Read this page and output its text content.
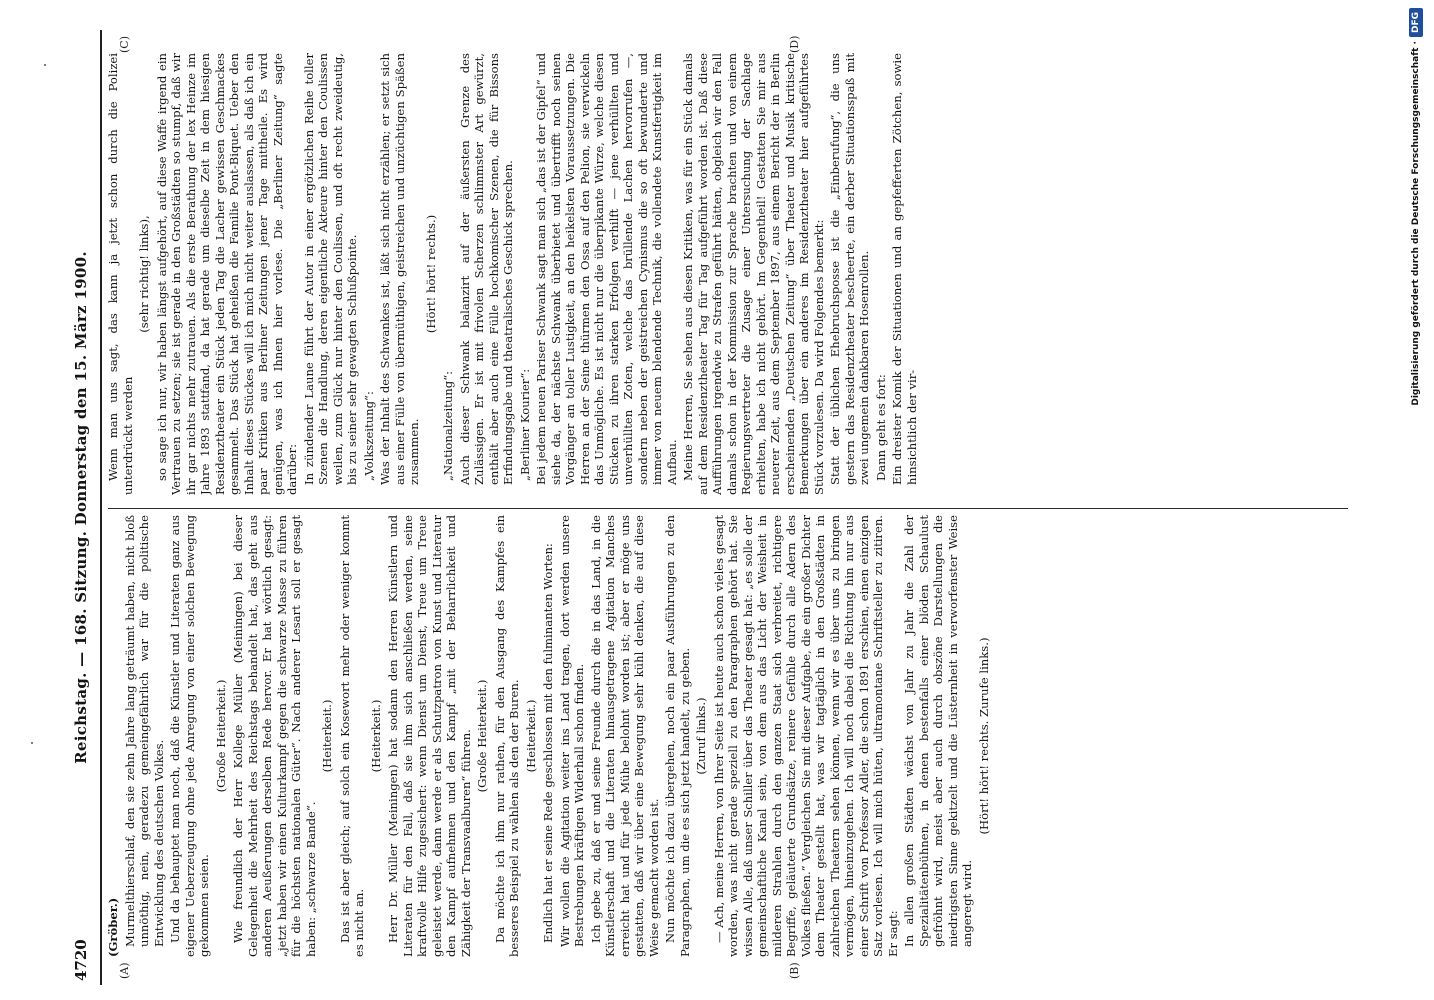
4720
Reichstag. — 168. Sitzung. Donnerstag den 15. März 1900.

(Gröber.) Murmelthierschlaf, den sie zehn Jahre lang geträumt haben, nicht bloß unnöthig, nein, geradezu gemeingefährlich war für die politische Entwicklung des deutschen Volkes. Und da behauptet man noch, daß die Künstler und Literaten ganz aus eigener Ueberzeugung ohne jede Anregung von einer solchen Bewegung gekommen seien.

(Große Heiterkeit.) Wie freundlich der Herr Kollege Müller (Meiningen) bei dieser Gelegenheit die Mehrheit des Reichstags behandelt hat, das geht aus anderen Aeußerungen derselben Rede hervor. Er hat wörtlich gesagt: „jetzt haben wir einen Kulturkampf gegen die schwarze Masse zu führen für die höchsten nationalen Güter“. Nach anderer Lesart soll er gesagt haben: „schwarze Bande“.

(Heiterkeit.) Das ist aber gleich; auf solch ein Kosewort mehr oder weniger kommt es nicht an.

(Heiterkeit.) Herr Dr. Müller (Meiningen) hat sodann den Herren Künstlern und Literaten für den Fall, daß sie ihm sich anschließen werden, seine kraftvolle Hilfe zugesichert: wenn Dienst um Dienst, Treue um Treue geleistet werde, dann werde er als Schutzpatron von Kunst und Literatur den Kampf aufnehmen und den Kampf „mit der Beharrlichkeit und Zähigkeit der Transvaalburen“ führen. (Große Heiterkeit.) Da möchte ich ihm nur rathen, für den Ausgang des Kampfes ein besseres Beispiel zu wählen als den der Buren. (Heiterkeit.) Endlich hat er seine Rede geschlossen mit den fulminanten Worten: Wir wollen die Agitation weiter ins Land tragen, dort werden unsere Bestrebungen kräftigen Widerhall schon finden. Ich gebe zu, daß er und seine Freunde durch die in das Land, in die Künstlerschaft und die Literaten hinausgetragene Agitation Manches erreicht hat und für jede Mühe belohnt worden ist; aber er möge uns gestatten, daß wir über eine Bewegung sehr kühl denken, die auf diese Weise gemacht worden ist. Nun möchte ich dazu übergehen, noch ein paar Ausführungen zu den Paragraphen, um die es sich jetzt handelt, zu geben. (Zuruf links.) — Ach, meine Herren, von Ihrer Seite ist heute auch schon vieles gesagt worden, was nicht gerade speziell zu den Paragraphen gehört hat. Sie wissen Alle, daß unser Schiller über das Theater gesagt hat: „es solle der gemeinschaftliche Kanal sein, von dem aus das Licht der Weisheit in milderen Strahlen durch den ganzen Staat sich verbreitet, richtigere Begriffe, geläuterte Grundsätze, reinere Gefühle durch alle Adern des Volkes fließen.“ Vergleichen Sie mit dieser Aufgabe, die ein großer Dichter dem Theater gestellt hat, was wir tagtäglich in den Großstädten in zahlreichen Theatern sehen können, wenn wir es über uns zu bringen vermögen, hineinzugehen. Ich will noch dabei die Richtung hin nur aus einer Schrift von Professor Adler, die schon 1891 erschien, einen einzigen Satz vorlesen. Ich will mich hüten, ultramontane Schriftsteller zu zitiren. Er sagt: In allen großen Städten wächst von Jahr zu Jahr die Zahl der Spezialitätenbühnen, in denen bestenfalls einer blöden Schaulust gefröhnt wird, meist aber auch durch obszöne Darstellungen die niedrigsten Sinne gekitzelt und die Lüsternheit in verworfenster Weise angeregt wird.

(Hört! hört! rechts. Zurufe links.)

Wenn man uns sagt, das kann ja jetzt schon durch die Polizei unterdrückt werden

(sehr richtig! links), so sage ich nur, wir haben längst aufgehört, auf diese Waffe irgend ein Vertrauen zu setzen; sie ist gerade in den Großstädten so stumpf, daß wir ihr gar nichts mehr zutrauen. Als die erste Berathung der lex Heinze im Jahre 1893 stattfand, da hat gerade um dieselbe Zeit in dem hiesigen Residenztheater ein Stück jeden Tag die Lacher gewissen Geschmackes gesammelt. Das Stück hat geheißen die Familie Pont-Biquet. Ueber den Inhalt dieses Stückes will ich mich nicht weiter auslassen, als daß ich ein paar Kritiken aus Berliner Zeitungen jener Tage mittheile. Es wird genügen, was ich Ihnen hier vorlese. Die „Berliner Zeitung“ sagte darüber: In zündender Laune führt der Autor in einer ergötzlichen Reihe toller Szenen die Handlung, deren eigentliche Akteure hinter den Coulissen weilen, zum Glück nur hinter den Coulissen, und oft recht zweideutig, bis zu seiner sehr gewagten Schlußpointe. „Volkszeitung“: Was der Inhalt des Schwankes ist, läßt sich nicht erzählen; er setzt sich aus einer Fülle von übermüthigen, geistreichen und unzüchtigen Späßen zusammen.

(Hört! hört! rechts.)

„Nationalzeitung“: Auch dieser Schwank balanzirt auf der äußersten Grenze des Zulässigen. Er ist mit frivolen Scherzen schlimmster Art gewürzt, enthält aber auch eine Fülle hochkomischer Szenen, die für Bissons Erfindungsgabe und theatralisches Geschick sprechen. „Berliner Kourier“: Bei jedem neuen Pariser Schwank sagt man sich „das ist der Gipfel“ und siehe da, der nächste Schwank überbietet und übertrifft noch seinen Vorgänger an toller Lustigkeit, an den heikelsten Voraussetzungen. Die Herren an der Seine thürmen den Ossa auf den Pelion, sie verwickeln das Unmögliche. Es ist nicht nur die überpikante Würze, welche diesen Stücken zu ihren starken Erfolgen verhilft — jene verhüllten und unverhüllten Zoten, welche das brüllende Lachen hervorrufen —, sondern neben der geistreichen Cynismus die so oft bewunderte und immer von neuem blendende Technik, die vollendete Kunstfertigkeit im Aufbau. Meine Herren, Sie sehen aus diesen Kritiken, was für ein Stück damals auf dem Residenztheater Tag für Tag aufgeführt worden ist. Daß diese Aufführungen irgendwie zu Strafen geführt hätten, obgleich wir den Fall damals schon in der Kommission zur Sprache brachten und von einem Regierungsvertreter die Zusage einer Untersuchung der Sachlage erhielten, habe ich nicht gehört. Im Gegentheil! Gestatten Sie mir aus neuerer Zeit, aus dem September 1897, aus einem Bericht der in Berlin erscheinenden „Deutschen Zeitung“ über Theater und Musik kritische Bemerkungen über ein anderes im Residenztheater hier aufgeführtes Stück vorzulesen. Da wird Folgendes bemerkt: Statt der üblichen Ehebruchsposse ist die „Einberufung“, die uns gestern das Residenztheater bescheerte, ein derber Situationsspaß mit zwei ungemein dankbaren Hosenrollen. Dann geht es fort: Ein dreister Komik der Situationen und an gepfefferten Zötchen, sowie hinsichtlich der vir-

(A)	(B)
(C)	(D)	Digitalisierung gefördert durch die Deutsche Forschungsgemeinschaft ·DFG
